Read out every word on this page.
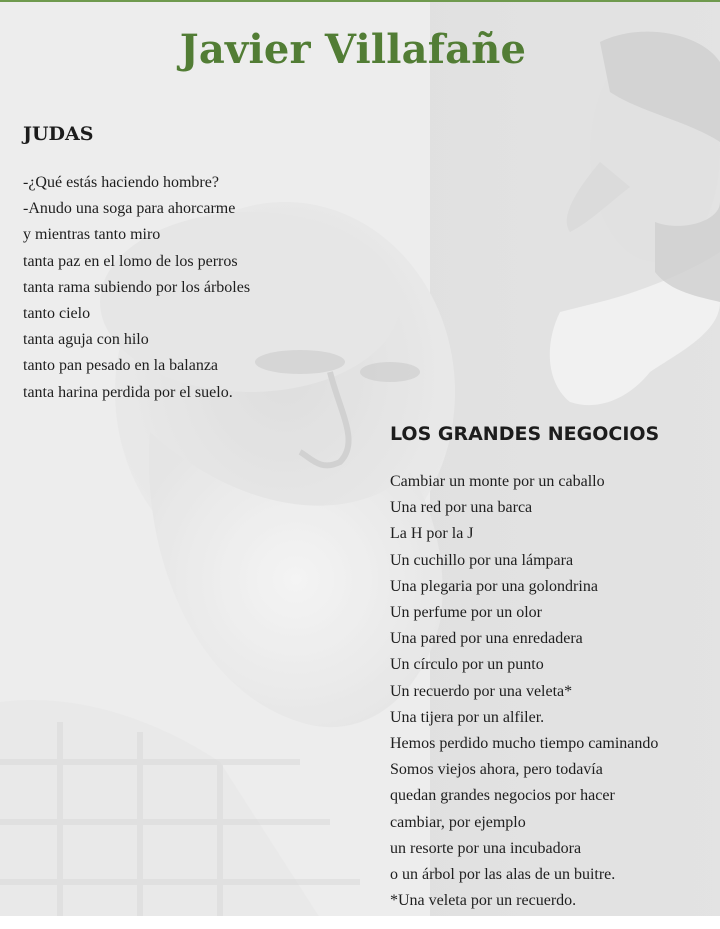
Javier Villafañe
JUDAS
-¿Qué estás haciendo hombre?
-Anudo una soga para ahorcarme
y mientras tanto miro
tanta paz en el lomo de los perros
tanta rama subiendo por los árboles
tanto cielo
tanta aguja con hilo
tanto pan pesado en la balanza
tanta harina perdida por el suelo.
LOS GRANDES NEGOCIOS
Cambiar un monte por un caballo
Una red por una barca
La H por la J
Un cuchillo por una lámpara
Una plegaria por una golondrina
Un perfume por un olor
Una pared por una enredadera
Un círculo por un punto
Un recuerdo por una veleta*
Una tijera por un alfiler.
Hemos perdido mucho tiempo caminando
Somos viejos ahora, pero todavía
quedan grandes negocios por hacer
cambiar, por ejemplo
un resorte por una incubadora
o un árbol por las alas de un buitre.
*Una veleta por un recuerdo.
